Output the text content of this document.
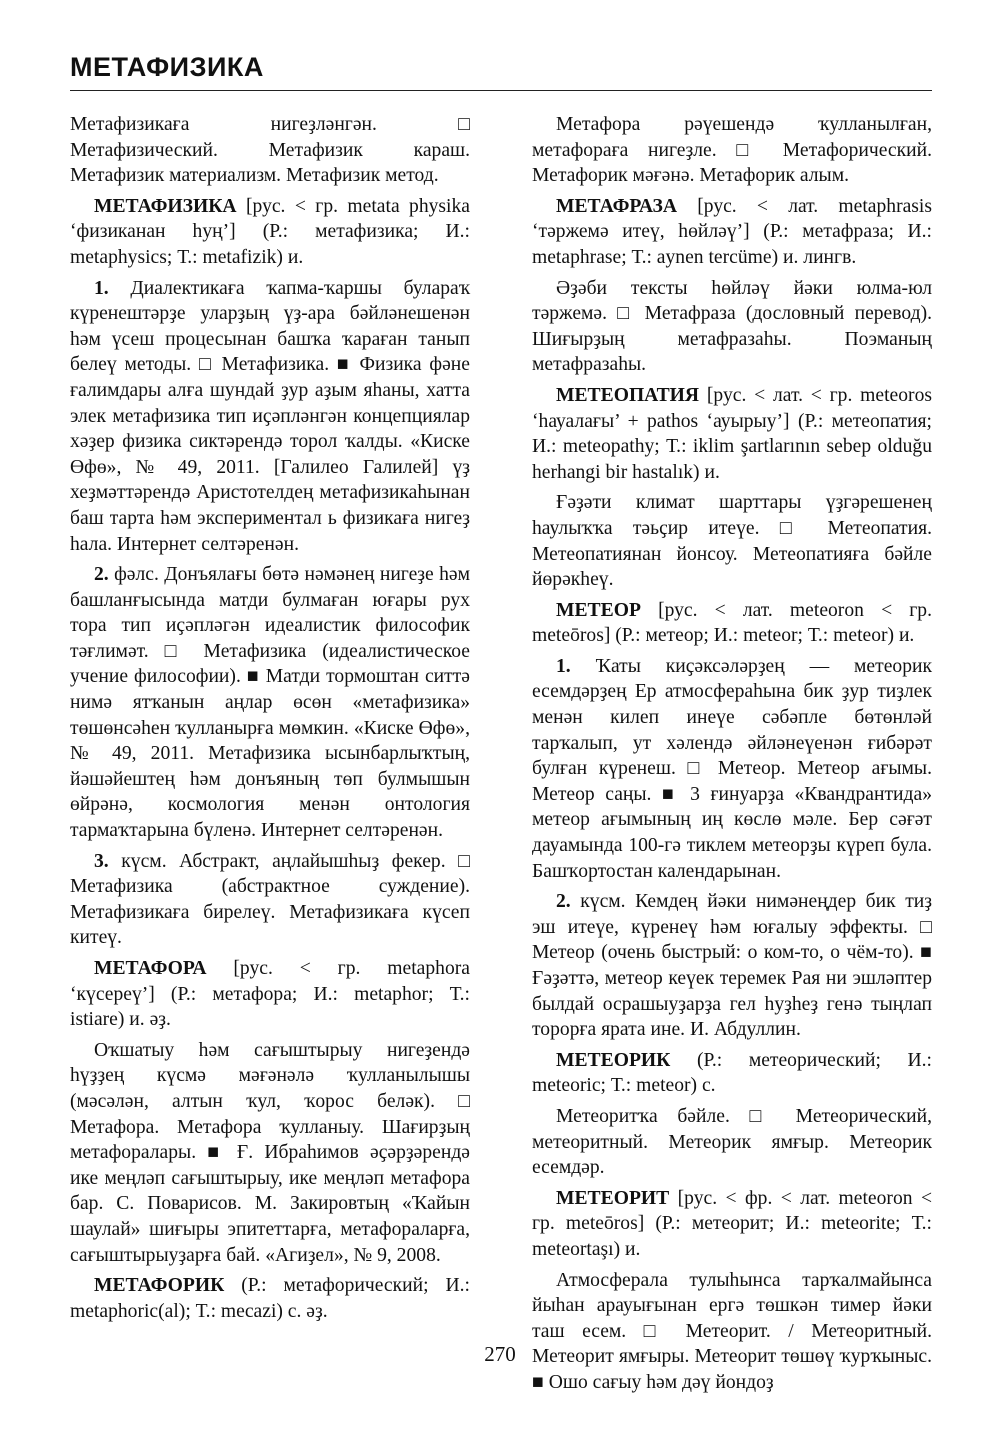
МЕТАФИЗИКА

Метафизикаға нигеҙләнгән. □ Метафизический. Метафизик караш. Метафизик материализм. Метафизик метод.

МЕТАФИЗИКА [рус. < гр. metata physika ‘физиканан һуң’] (Р.: метафизика; И.: metaphysics; Т.: metafizik) и.

1. Диалектикаға ҡапма-ҡаршы булараҡ күренештәрҙе уларҙың үҙ-ара бәйләнешенән һәм үсеш процесынан башҡа ҡараған танып белеү методы. □ Метафизика. ■ Физика фәне ғалимдары алға шундай ҙур аҙым яһаны, хатта элек метафизика тип иҫәпләнгән концепциялар хәҙер физика сиктәрендә торол ҡалды. «Киске Өфө», № 49, 2011. [Галилео Галилей] үҙ хеҙмәттәрендә Аристотелдең метафизикаһынан баш тарта һәм экспериментал ь физикаға нигеҙ һала. Интернет селтәренән.

2. фәлс. Донъялағы бөтә нәмәнең нигеҙе һәм башланғысында матди булмаған юғары рух тора тип иҫәпләгән идеалистик философик тәғлимәт. □ Метафизика (идеалистическое учение философии). ■ Матди тормоштан ситтә нимә ятҡанын аңлар өсөн «метафизика» төшөнсәһен ҡулланырға мөмкин. «Киске Өфө», № 49, 2011. Метафизика ысынбарлыҡтың, йәшәйештең һәм донъяның төп булмышын өйрәнә, космология менән онтология тармаҡтарына бүленә. Интернет селтәренән.

3. күсм. Абстракт, аңлайышһыҙ фекер. □ Метафизика (абстрактное суждение). Метафизикаға бирелеү. Метафизикаға күсеп китеү.

МЕТАФОРА [рус. < гр. metaphora ‘күсереү’] (Р.: метафора; И.: metaphor; Т.: istiare) и. әҙ.

Оҡшатыу һәм сағыштырыу нигеҙендә һүҙҙең күсмә мәғәнәлә ҡулланылышы (мәсәлән, алтын ҡул, ҡорос беләк). □ Метафора. Метафора ҡулланыу. Шағирҙың метафоралары. ■ Ғ. Ибраһимов әҫәрҙәрендә ике меңләп сағыштырыу, ике меңләп метафора бар. С. Поварисов. М. Закировтың «Ҡайын шаулай» шиғыры эпитеттарға, метафораларға, сағыштырыуҙарға бай. «Агиҙел», № 9, 2008.

МЕТАФОРИК (Р.: метафорический; И.: metaphoric(al); Т.: mecazi) с. әҙ.

Метафора рәүешендә ҡулланылған, метафораға нигеҙле. □ Метафорический. Метафорик мәғәнә. Метафорик алым.

МЕТАФРАЗА [рус. < лат. metaphrasis ‘тәржемә итеү, һөйләү’] (Р.: метафраза; И.: metaphrase; Т.: aynen tercüme) и. лингв.

Әҙәби тексты һөйләү йәки юлма-юл тәржемә. □ Метафраза (дословный перевод). Шиғырҙың метафразаһы. Поэманың метафразаһы.

МЕТЕОПАТИЯ [рус. < лат. < гр. meteoros ‘һауалағы’ + pathos ‘ауырыу’] (Р.: метеопатия; И.: meteopathy; Т.: iklim şartlarının sebep olduğu herhangi bir hastalık) и.

Ғәҙәти климат шарттары үҙгәрешенең һаулыҡҡа тәьҫир итеүе. □ Метеопатия. Метеопатиянан йонсоу. Метеопатияға бәйле йөрәкһеү.

МЕТЕОР [рус. < лат. meteoron < гр. meteōros] (Р.: метеор; И.: meteor; Т.: meteor) и.

1. Ҡаты киҫәксәләрҙең — метеорик есемдәрҙең Ер атмосфераһына бик ҙур тиҙлек менән килеп инеүе сәбәпле бөтөнләй тарҡалып, ут хәлендә әйләнеүенән ғибәрәт булған күренеш. □ Метеор. Метеор ағымы. Метеор саңы. ■ 3 ғинуарҙа «Квандрантида» метеор ағымының иң көслө мәле. Бер сәғәт дауамында 100-гә тиклем метеорҙы күреп була. Башҡортостан календарынан.

2. күсм. Кемдең йәки нимәнеңдер бик тиҙ эш итеүе, күренеү һәм юғалыу эффекты. □ Метеор (очень быстрый: о ком-то, о чём-то). ■ Ғәҙәттә, метеор кеүек теремек Рая ни эшләптер былдай осрашыуҙарҙа гел һуҙһеҙ генә тыңлап торорға ярата ине. И. Абдуллин.

МЕТЕОРИК (Р.: метеорический; И.: meteoric; Т.: meteor) с.

Метеоритҡа бәйле. □ Метеорический, метеоритный. Метеорик ямғыр. Метеорик есемдәр.

МЕТЕОРИТ [рус. < фр. < лат. meteoron < гр. meteōros] (Р.: метеорит; И.: meteorite; Т.: meteortaşı) и.

Атмосферала тулыһынса тарҡалмайынса йыһан арауығынан ергә төшкән тимер йәки таш есем. □ Метеорит. / Метеоритный. Метеорит ямғыры. Метеорит төшөү ҡурҡыныс. ■ Ошо сағыу һәм дәү йондоҙ

270
